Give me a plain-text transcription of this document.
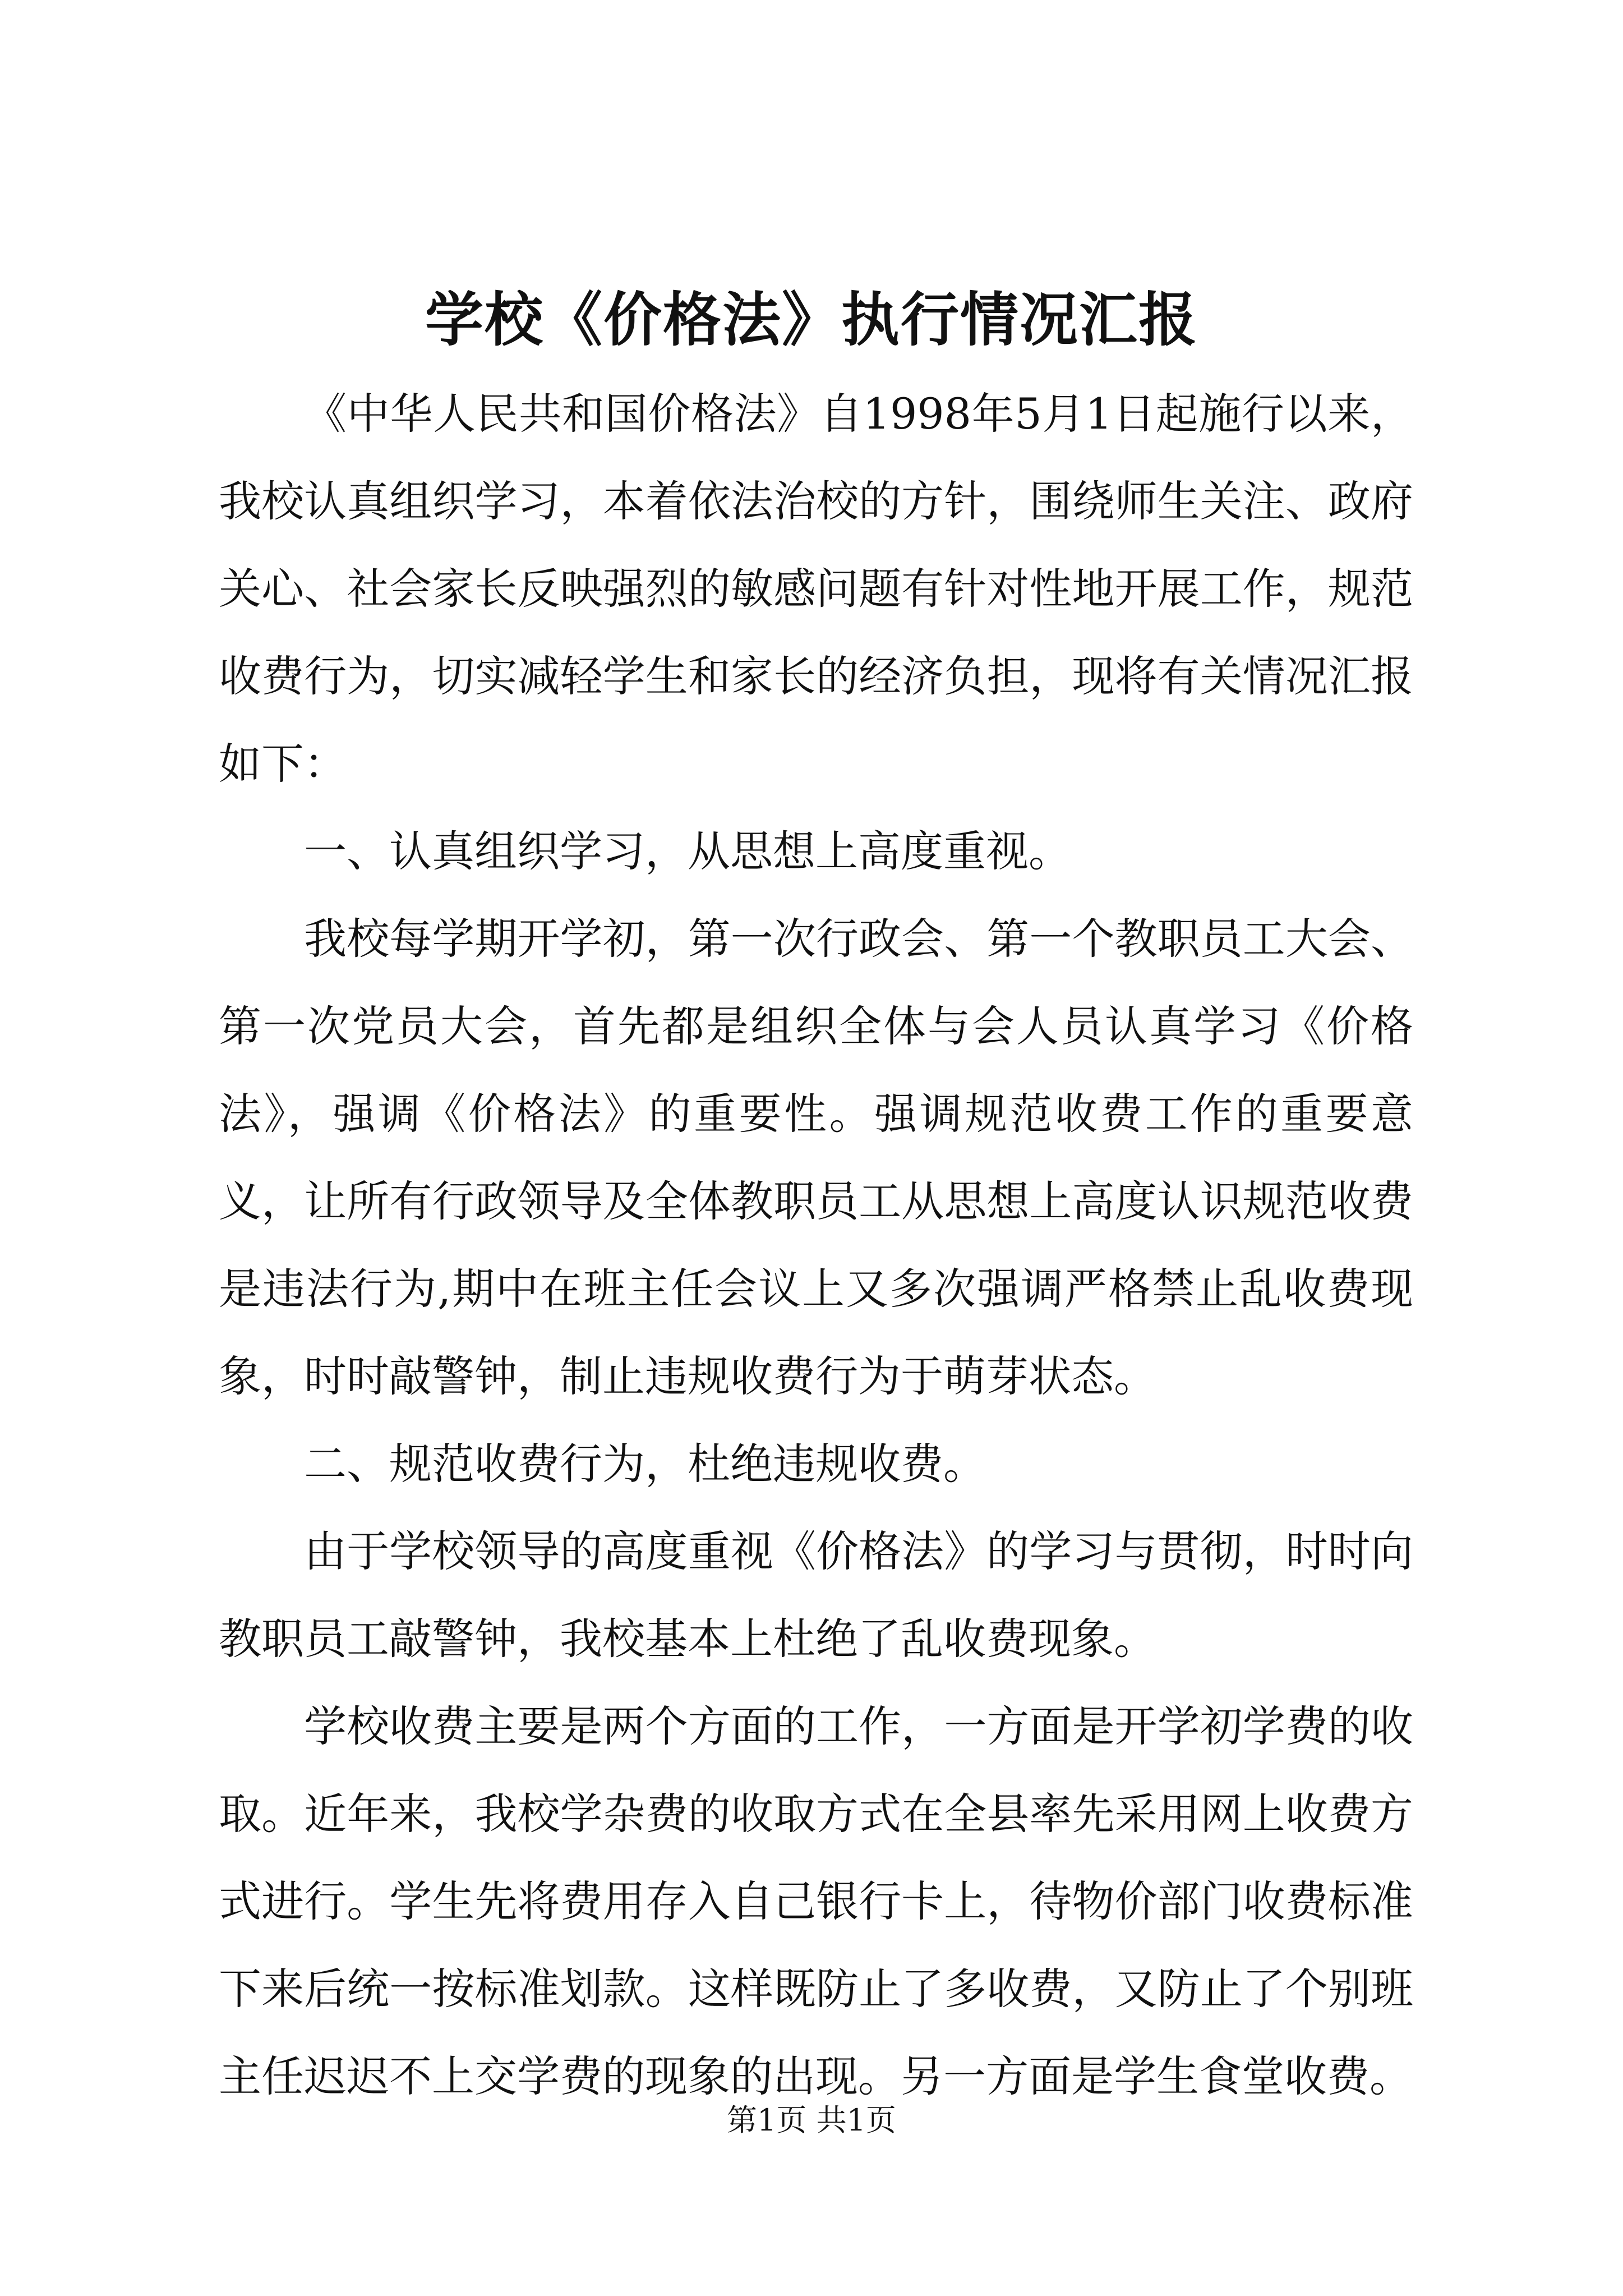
学校《价格法》执行情况汇报

《中华人民共和国价格法》自1998年5月1日起施行以来，我校认真组织学习，本着依法治校的方针，围绕师生关注、政府关心、社会家长反映强烈的敏感问题有针对性地开展工作，规范收费行为，切实减轻学生和家长的经济负担，现将有关情况汇报如下：

一、认真组织学习，从思想上高度重视。

我校每学期开学初，第一次行政会、第一个教职员工大会、第一次党员大会，首先都是组织全体与会人员认真学习《价格法》，强调《价格法》的重要性。强调规范收费工作的重要意义，让所有行政领导及全体教职员工从思想上高度认识规范收费是违法行为,期中在班主任会议上又多次强调严格禁止乱收费现象，时时敲警钟，制止违规收费行为于萌芽状态。

二、规范收费行为，杜绝违规收费。

由于学校领导的高度重视《价格法》的学习与贯彻，时时向教职员工敲警钟，我校基本上杜绝了乱收费现象。

学校收费主要是两个方面的工作，一方面是开学初学费的收取。近年来，我校学杂费的收取方式在全县率先采用网上收费方式进行。学生先将费用存入自己银行卡上，待物价部门收费标准下来后统一按标准划款。这样既防止了多收费，又防止了个别班主任迟迟不上交学费的现象的出现。另一方面是学生食堂收费。

第1页 共1页
